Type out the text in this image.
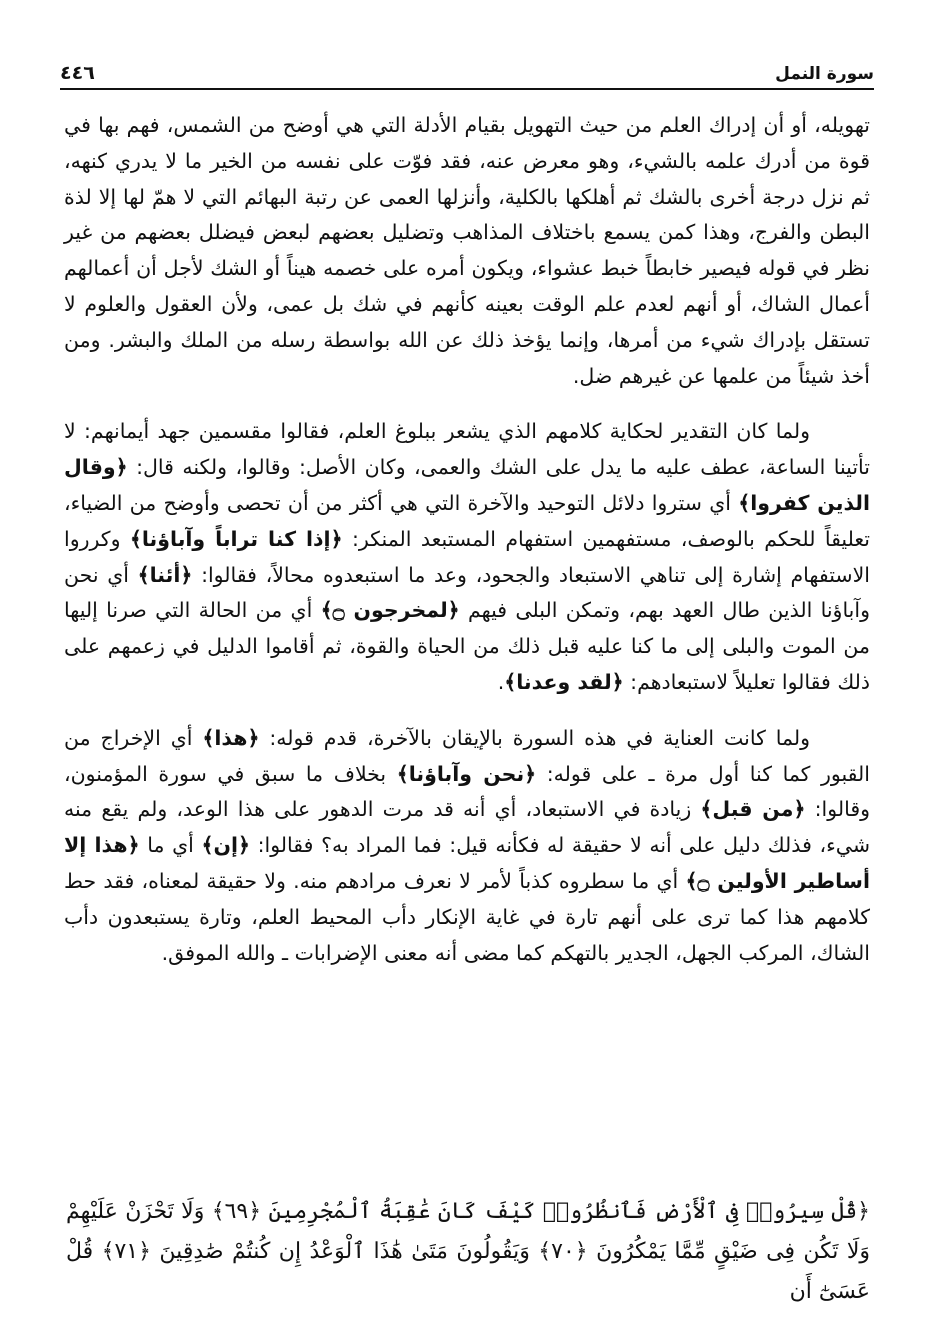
سورة النمل
٤٤٦

تهويله، أو أن إدراك العلم من حيث التهويل بقيام الأدلة التي هي أوضح من الشمس، فهم بها في قوة من أدرك علمه بالشيء، وهو معرض عنه، فقد فوّت على نفسه من الخير ما لا يدري كنهه، ثم نزل درجة أخرى بالشك ثم أهلكها بالكلية، وأنزلها العمى عن رتبة البهائم التي لا همّ لها إلا لذة البطن والفرج، وهذا كمن يسمع باختلاف المذاهب وتضليل بعضهم لبعض فيضلل بعضهم من غير نظر في قوله فيصير خابطاً خبط عشواء، ويكون أمره على خصمه هيناً أو الشك لأجل أن أعمالهم أعمال الشاك، أو أنهم لعدم علم الوقت بعينه كأنهم في شك بل عمى، ولأن العقول والعلوم لا تستقل بإدراك شيء من أمرها، وإنما يؤخذ ذلك عن الله بواسطة رسله من الملك والبشر. ومن أخذ شيئاً من علمها عن غيرهم ضل.

ولما كان التقدير لحكاية كلامهم الذي يشعر ببلوغ العلم، فقالوا مقسمين جهد أيمانهم: لا تأتينا الساعة، عطف عليه ما يدل على الشك والعمى، وكان الأصل: وقالوا، ولكنه قال: ﴿وقال الذين كفروا﴾ أي ستروا دلائل التوحيد والآخرة التي هي أكثر من أن تحصى وأوضح من الضياء، تعليقاً للحكم بالوصف، مستفهمين استفهام المستبعد المنكر: ﴿إذا كنا تراباً وآباؤنا﴾ وكرروا الاستفهام إشارة إلى تناهي الاستبعاد والجحود، وعد ما استبعدوه محالاً، فقالوا: ﴿أئنا﴾ أي نحن وآباؤنا الذين طال العهد بهم، وتمكن البلى فيهم ﴿لمخرجون ۝﴾ أي من الحالة التي صرنا إليها من الموت والبلى إلى ما كنا عليه قبل ذلك من الحياة والقوة، ثم أقاموا الدليل في زعمهم على ذلك فقالوا تعليلاً لاستبعادهم: ﴿لقد وعدنا﴾.

ولما كانت العناية في هذه السورة بالإيقان بالآخرة، قدم قوله: ﴿هذا﴾ أي الإخراج من القبور كما كنا أول مرة ـ على قوله: ﴿نحن وآباؤنا﴾ بخلاف ما سبق في سورة المؤمنون، وقالوا: ﴿من قبل﴾ زيادة في الاستبعاد، أي أنه قد مرت الدهور على هذا الوعد، ولم يقع منه شيء، فذلك دليل على أنه لا حقيقة له فكأنه قيل: فما المراد به؟ فقالوا: ﴿إن﴾ أي ما ﴿هذا إلا أساطير الأولين ۝﴾ أي ما سطروه كذباً لأمر لا نعرف مرادهم منه. ولا حقيقة لمعناه، فقد حط كلامهم هذا كما ترى على أنهم تارة في غاية الإنكار دأب المحيط العلم، وتارة يستبعدون دأب الشاك، المركب الجهل، الجدير بالتهكم كما مضى أنه معنى الإضرابات ـ والله الموفق.

﴿قُلْ سِيرُوا۟ فِى ٱلْأَرْضِ فَٱنظُرُوا۟ كَيْفَ كَانَ عَٰقِبَةُ ٱلْمُجْرِمِينَ ﴿٦٩﴾ وَلَا تَحْزَنْ عَلَيْهِمْ وَلَا تَكُن فِى ضَيْقٍ مِّمَّا يَمْكُرُونَ ﴿٧٠﴾ وَيَقُولُونَ مَتَىٰ هَٰذَا ٱلْوَعْدُ إِن كُنتُمْ صَٰدِقِينَ ﴿٧١﴾ قُلْ عَسَىٰٓ أَن
